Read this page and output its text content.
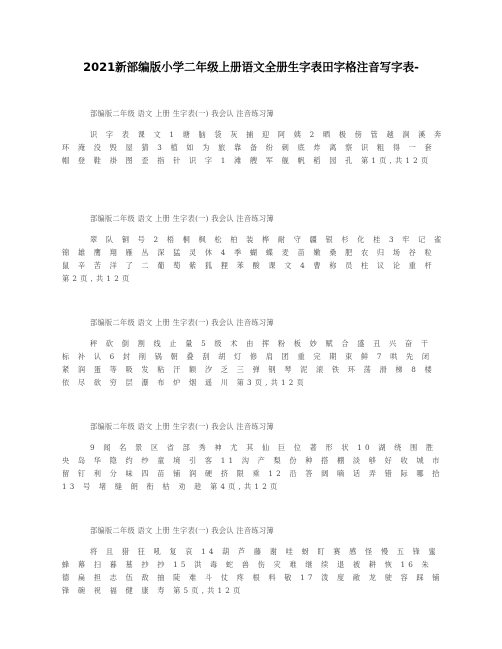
2021新部编版小学二年级上册语文全册生字表田字格注音写字表-
部编版二年级 语文 上册 生字表(一) 我会认 注音练习簿
识 字 表 课 文 1 塘 脑 袋 灰 捕 迎 阿 姨 2 晒 极 傍 管 越 涧 溪 奔 环 淹 没 毁 屋 猜 3 植 如 为 旅 靠 备 纷 刺 底 炸 离 察 识 粗 得 一 套 帽 登 鞋 褂 图 歪 指 针 识 字 1 滩 艘 军 舰 帆 稻 园 孔 第1页,共12页
部编版二年级 语文 上册 生字表(一) 我会认 注音练习簿
翠 队 铜 号 2 梧 桐 枫 松 柏 装 桦 耐 守 疆 银 杉 化 桂 3 牢 记 雀 锦 雄 鹰 翔 雁 丛 深 猛 灵 休 4 季 蝴 蝶 麦 苗 嫩 桑 肥 农 归 场 谷 粒 鼠 辛 苦 洋 了 二 葡 萄 紫 狐 狸 苯 酸 课 文 4 曹 称 员 柱 议 论 重 杆 第2页,共12页
部编版二年级 语文 上册 生字表(一) 我会认 注音练习簿
秤 砍 倒 割 线 止 量 5 级 术 由 挥 粉 板 妙 赋 合 盛 丑 兴 奋 干 标 补 认 6 封 削 锅 朝 叠 刮 胡 灯 修 肩 团 重 完 期 束 鲜 7 哄 先 闭 紧 润 蛋 等 吸 发 粘 汗 额 汐 乏 三 弹 钢 琴 泥 滚 铁 环 荡 滑 梯 8 楼 依 尽 欲 穷 层 瀑 布 炉 烟 遥 川 第3页,共12页
部编版二年级 语文 上册 生字表(一) 我会认 注音练习簿
9 闻 名 景 区 省 部 秀 神 尤 其 仙 巨 位 著 形 状 10 湖 绕 围 胜 央 岛 华 隐 约 纱 童 境 引 客 11 沟 产 梨 份 种 搭 棚 淡 够 好 收 城 市 留 钉 利 分 味 四 苗 铺 润 硬 挤 限 乘 12 沿 答 阔 嘀 话 弄 错 际 哪 拾 13 号 堵 缝 朗 衔 枯 劝 趁 第4页,共12页
部编版二年级 语文 上册 生字表(一) 我会认 注音练习簿
将 且 猎 狂 吼 复 哀 14 葫 芦 藤 谢 哇 蚜 盯 赛 感 怪 慢 五 锋 蜜 蜂 幕 扫 暮 墓 抄 抄 15 洪 毒 蛇 兽 伤 灾 难 继 续 退 被 耕 恢 16 朱 德 扁 担 志 伍 敌 抽 陡 难 斗 仗 疼 根 料 敬 17 泼 度 敞 龙 驶 容 踩 铺 锋 碗 祝 福 健 康 寿 第5页,共12页
